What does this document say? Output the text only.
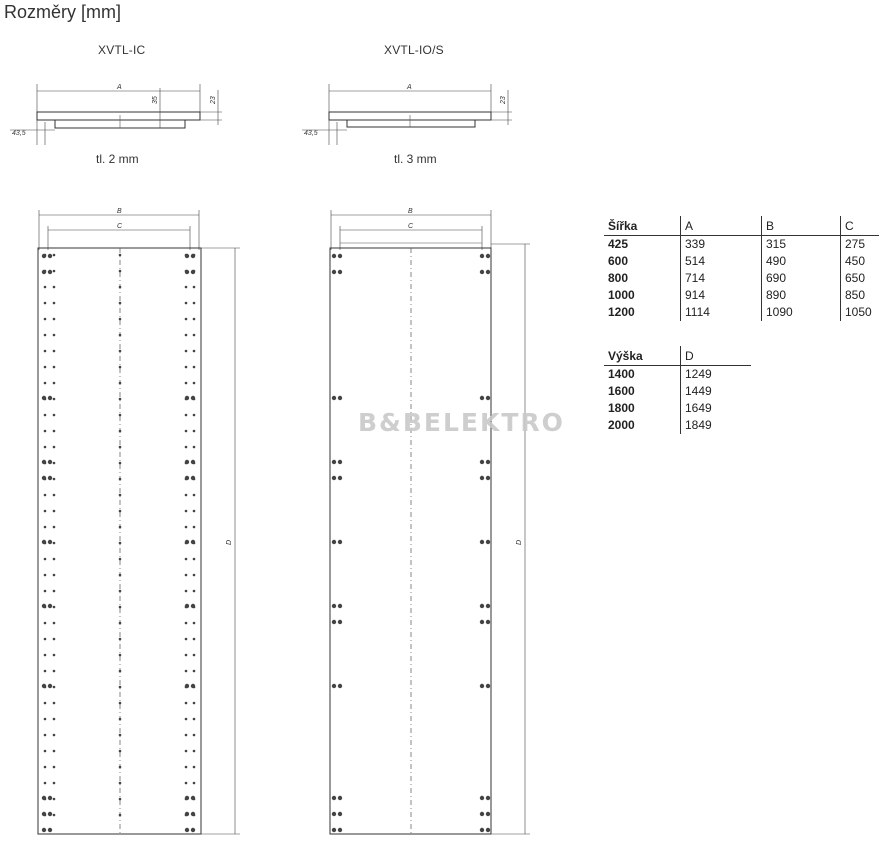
Rozměry [mm]
XVTL-IC	XVTL-IO/S
tl. 2 mm	tl. 3 mm
A
35	23
43,5
A
23
43,5
B
C
D
B
C
D
B&BELEKTRO
Šířka	A	B	C
425	339	315	275
600	514	490	450
800	714	690	650
1000	914	890	850
1200	1114	1090	1050
Výška	D
1400	1249
1600	1449
1800	1649
2000	1849
